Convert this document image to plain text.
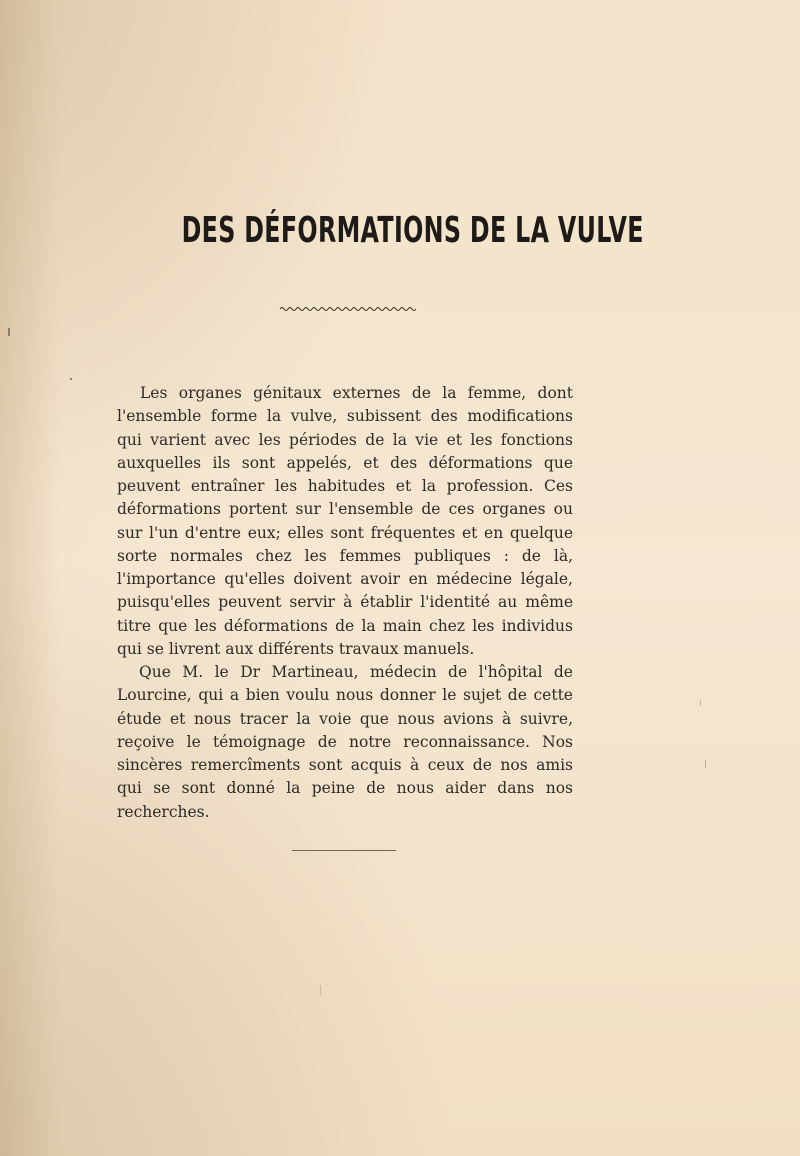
DES DÉFORMATIONS DE LA VULVE

Les organes génitaux externes de la femme, dont l'ensemble forme la vulve, subissent des modifications qui varient avec les périodes de la vie et les fonctions auxquelles ils sont appelés, et des déformations que peuvent entraîner les habitudes et la profession. Ces déformations portent sur l'ensemble de ces organes ou sur l'un d'entre eux; elles sont fréquentes et en quelque sorte normales chez les femmes publiques : de là, l'importance qu'elles doivent avoir en médecine légale, puisqu'elles peuvent servir à établir l'identité au même titre que les déformations de la main chez les individus qui se livrent aux différents travaux manuels.

Que M. le Dr Martineau, médecin de l'hôpital de Lourcine, qui a bien voulu nous donner le sujet de cette étude et nous tracer la voie que nous avions à suivre, reçoive le témoignage de notre reconnaissance. Nos sincères remercîments sont acquis à ceux de nos amis qui se sont donné la peine de nous aider dans nos recherches.
